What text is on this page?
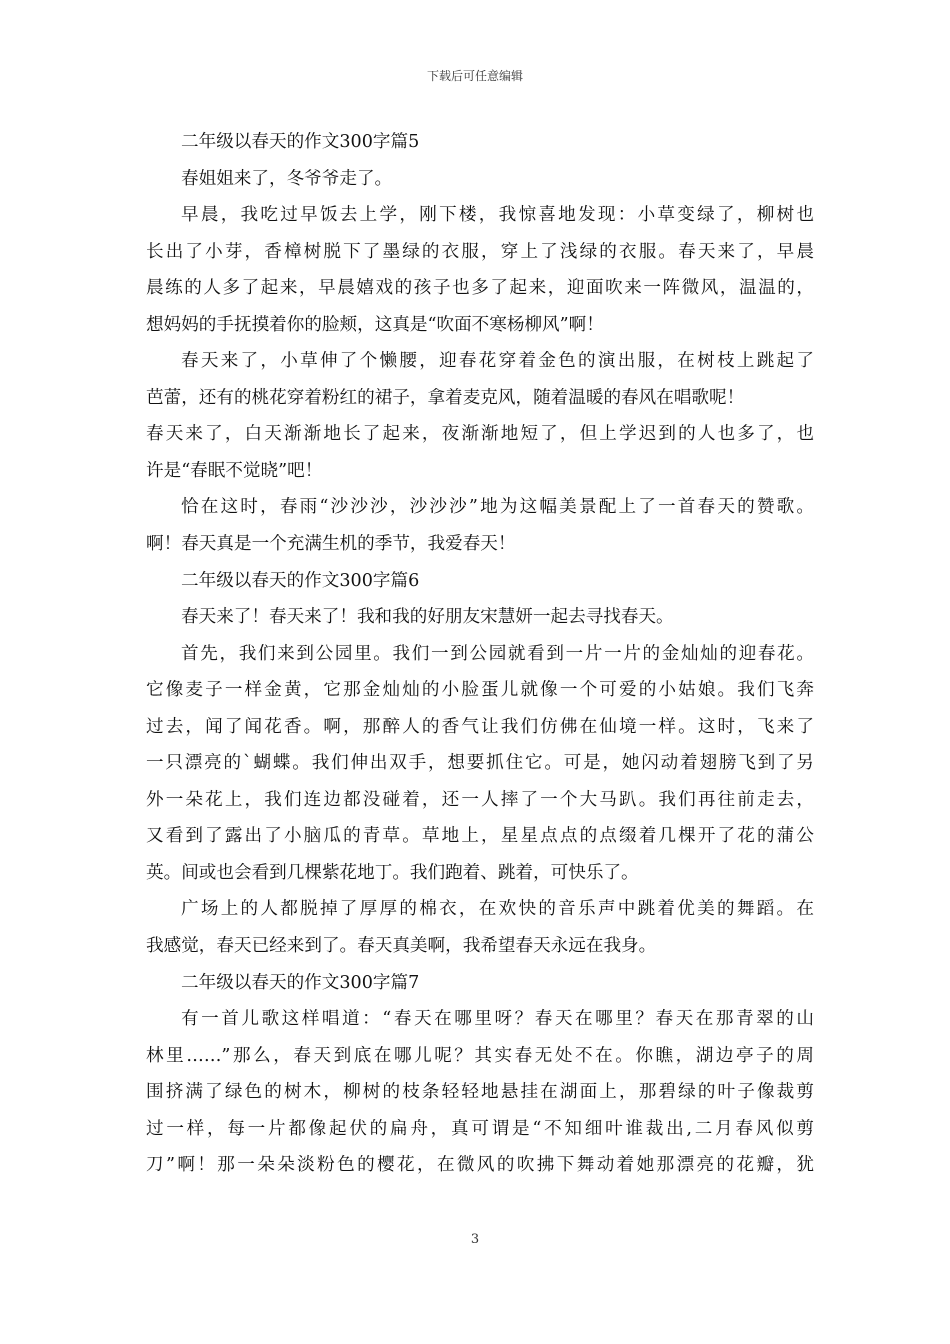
下载后可任意编辑
二年级以春天的作文300字篇5
春姐姐来了，冬爷爷走了。
早晨，我吃过早饭去上学，刚下楼，我惊喜地发现：小草变绿了，柳树也
长出了小芽，香樟树脱下了墨绿的衣服，穿上了浅绿的衣服。春天来了，早晨
晨练的人多了起来，早晨嬉戏的孩子也多了起来，迎面吹来一阵微风，温温的，
想妈妈的手抚摸着你的脸颊，这真是“吹面不寒杨柳风”啊！
春天来了，小草伸了个懒腰，迎春花穿着金色的演出服，在树枝上跳起了
芭蕾，还有的桃花穿着粉红的裙子，拿着麦克风，随着温暖的春风在唱歌呢！
春天来了，白天渐渐地长了起来，夜渐渐地短了，但上学迟到的人也多了，也
许是“春眠不觉晓”吧！
恰在这时，春雨“沙沙沙，沙沙沙”地为这幅美景配上了一首春天的赞歌。
啊！春天真是一个充满生机的季节，我爱春天！
二年级以春天的作文300字篇6
春天来了！春天来了！我和我的好朋友宋慧妍一起去寻找春天。
首先，我们来到公园里。我们一到公园就看到一片一片的金灿灿的迎春花。
它像麦子一样金黄，它那金灿灿的小脸蛋儿就像一个可爱的小姑娘。我们飞奔
过去，闻了闻花香。啊，那醉人的香气让我们仿佛在仙境一样。这时，飞来了
一只漂亮的`蝴蝶。我们伸出双手，想要抓住它。可是，她闪动着翅膀飞到了另
外一朵花上，我们连边都没碰着，还一人摔了一个大马趴。我们再往前走去，
又看到了露出了小脑瓜的青草。草地上，星星点点的点缀着几棵开了花的蒲公
英。间或也会看到几棵紫花地丁。我们跑着、跳着，可快乐了。
广场上的人都脱掉了厚厚的棉衣，在欢快的音乐声中跳着优美的舞蹈。在
我感觉，春天已经来到了。春天真美啊，我希望春天永远在我身。
二年级以春天的作文300字篇7
有一首儿歌这样唱道：“春天在哪里呀？春天在哪里？春天在那青翠的山
林里……”那么，春天到底在哪儿呢？其实春无处不在。你瞧，湖边亭子的周
围挤满了绿色的树木，柳树的枝条轻轻地悬挂在湖面上，那碧绿的叶子像裁剪
过一样，每一片都像起伏的扁舟，真可谓是“不知细叶谁裁出,二月春风似剪
刀”啊！那一朵朵淡粉色的樱花，在微风的吹拂下舞动着她那漂亮的花瓣，犹
3
